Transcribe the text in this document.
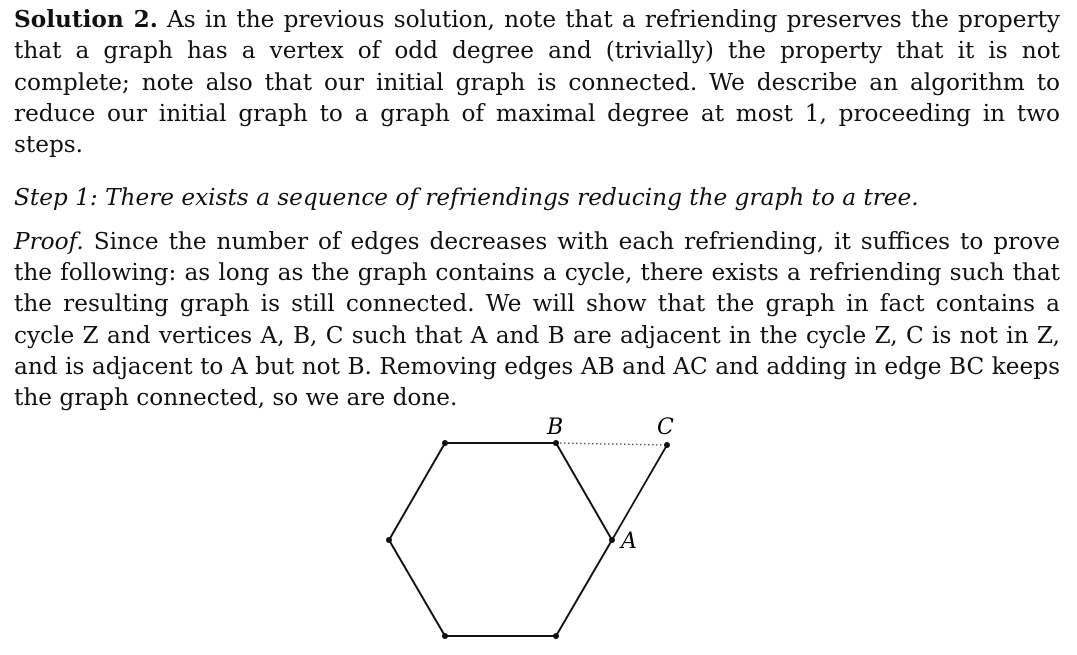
Solution 2. As in the previous solution, note that a refriending preserves the property that a graph has a vertex of odd degree and (trivially) the property that it is not complete; note also that our initial graph is connected. We describe an algorithm to reduce our initial graph to a graph of maximal degree at most 1, proceeding in two steps.

Step 1: There exists a sequence of refriendings reducing the graph to a tree.

Proof. Since the number of edges decreases with each refriending, it suffices to prove the following: as long as the graph contains a cycle, there exists a refriending such that the resulting graph is still connected. We will show that the graph in fact contains a cycle Z and vertices A, B, C such that A and B are adjacent in the cycle Z, C is not in Z, and is adjacent to A but not B. Removing edges AB and AC and adding in edge BC keeps the graph connected, so we are done.

B	C
A
